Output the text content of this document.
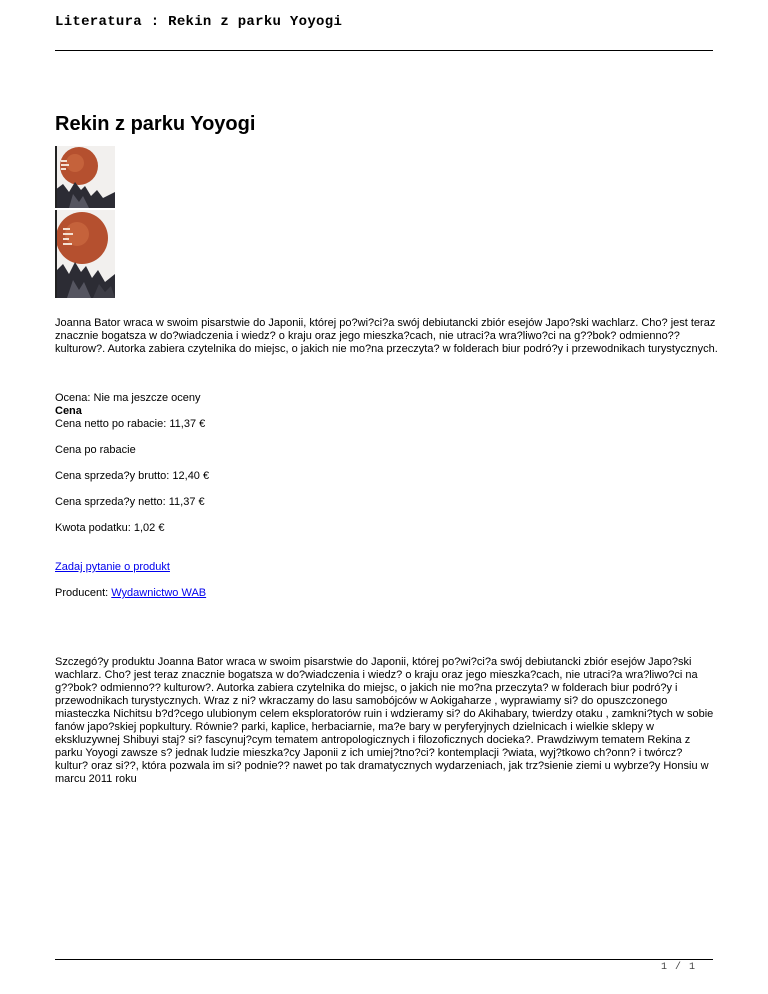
Literatura : Rekin z parku Yoyogi
Rekin z parku Yoyogi

Joanna Bator wraca w swoim pisarstwie do Japonii, której po?wi?ci?a swój debiutancki zbiór esejów Japo?ski wachlarz. Cho? jest teraz znacznie bogatsza w do?wiadczenia i wiedz? o kraju oraz jego mieszka?cach, nie utraci?a wra?liwo?ci na g??bok? odmienno?? kulturow?. Autorka zabiera czytelnika do miejsc, o jakich nie mo?na przeczyta? w folderach biur podró?y i przewodnikach turystycznych.

Ocena: Nie ma jeszcze oceny

Cena

Cena netto po rabacie: 11,37 €

Cena po rabacie

Cena sprzeda?y brutto: 12,40 €

Cena sprzeda?y netto: 11,37 €

Kwota podatku: 1,02 €

Zadaj pytanie o produkt

Producent: Wydawnictwo WAB

Szczegó?y produktu Joanna Bator wraca w swoim pisarstwie do Japonii, której po?wi?ci?a swój debiutancki zbiór esejów Japo?ski wachlarz. Cho? jest teraz znacznie bogatsza w do?wiadczenia i wiedz? o kraju oraz jego mieszka?cach, nie utraci?a wra?liwo?ci na g??bok? odmienno?? kulturow?. Autorka zabiera czytelnika do miejsc, o jakich nie mo?na przeczyta? w folderach biur podró?y i przewodnikach turystycznych. Wraz z ni? wkraczamy do lasu samobójców w Aokigaharze , wyprawiamy si? do opuszczonego miasteczka Nichitsu b?d?cego ulubionym celem eksploratorów ruin i wdzieramy si? do Akihabary, twierdzy otaku , zamkni?tych w sobie fanów japo?skiej popkultury. Równie? parki, kaplice, herbaciarnie, ma?e bary w peryferyjnych dzielnicach i wielkie sklepy w ekskluzywnej Shibuyi staj? si? fascynuj?cym tematem antropologicznych i filozoficznych docieka?. Prawdziwym tematem Rekina z parku Yoyogi zawsze s? jednak ludzie mieszka?cy Japonii z ich umiej?tno?ci? kontemplacji ?wiata, wyj?tkowo ch?onn? i twórcz? kultur? oraz si??, która pozwala im si? podnie?? nawet po tak dramatycznych wydarzeniach, jak trz?sienie ziemi u wybrze?y Honsiu w marcu 2011 roku

1 / 1
